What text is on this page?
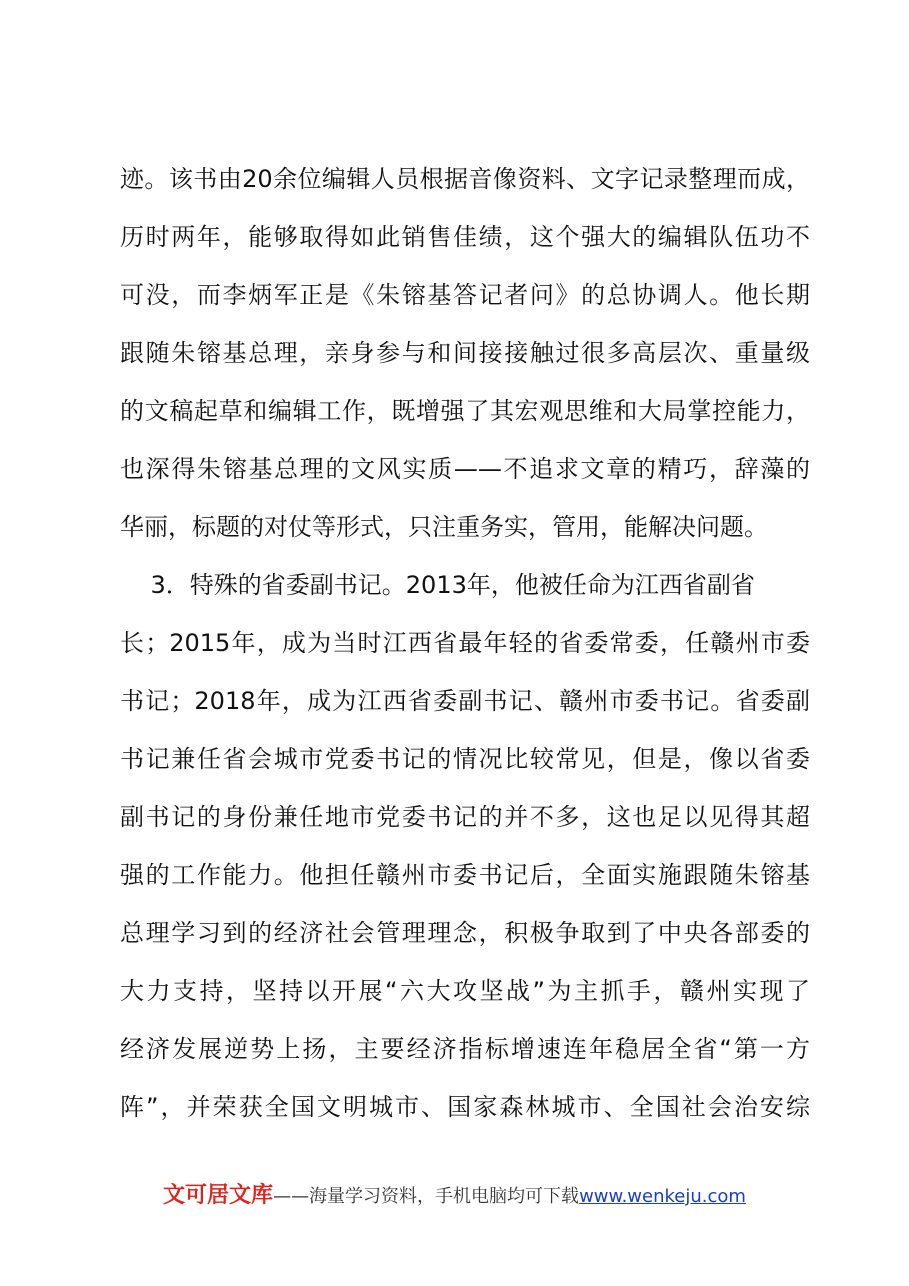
迹。该书由20余位编辑人员根据音像资料、文字记录整理而成，
历时两年，能够取得如此销售佳绩，这个强大的编辑队伍功不
可没，而李炳军正是《朱镕基答记者问》的总协调人。他长期
跟随朱镕基总理，亲身参与和间接接触过很多高层次、重量级
的文稿起草和编辑工作，既增强了其宏观思维和大局掌控能力，
也深得朱镕基总理的文风实质——不追求文章的精巧，辞藻的
华丽，标题的对仗等形式，只注重务实，管用，能解决问题。
3．特殊的省委副书记。2013年，他被任命为江西省副省
长；2015年，成为当时江西省最年轻的省委常委，任赣州市委
书记；2018年，成为江西省委副书记、赣州市委书记。省委副
书记兼任省会城市党委书记的情况比较常见，但是，像以省委
副书记的身份兼任地市党委书记的并不多，这也足以见得其超
强的工作能力。他担任赣州市委书记后，全面实施跟随朱镕基
总理学习到的经济社会管理理念，积极争取到了中央各部委的
大力支持，坚持以开展“六大攻坚战”为主抓手，赣州实现了
经济发展逆势上扬，主要经济指标增速连年稳居全省“第一方
阵”，并荣获全国文明城市、国家森林城市、全国社会治安综
文可居文库——海量学习资料，手机电脑均可下载www.wenkeju.com
